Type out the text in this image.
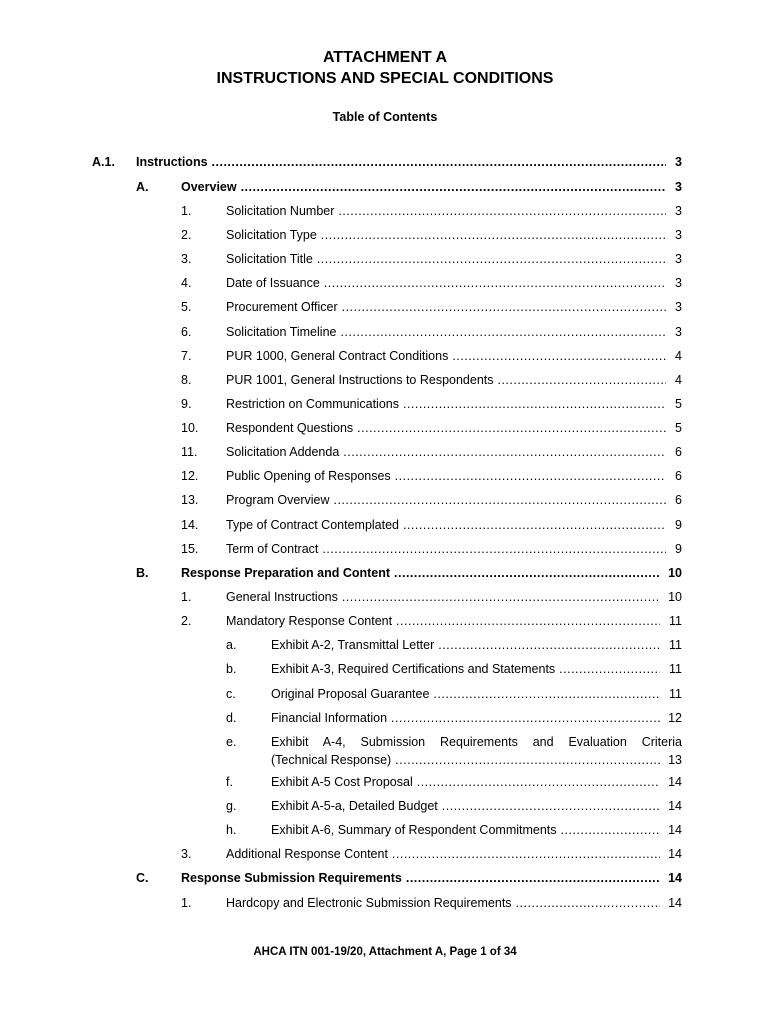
ATTACHMENT A
INSTRUCTIONS AND SPECIAL CONDITIONS
Table of Contents
A.1. Instructions .....	3
A.	Overview .....	3
1.	Solicitation Number .....	3
2.	Solicitation Type .....	3
3.	Solicitation Title .....	3
4.	Date of Issuance .....	3
5.	Procurement Officer .....	3
6.	Solicitation Timeline .....	3
7.	PUR 1000, General Contract Conditions .....	4
8.	PUR 1001, General Instructions to Respondents .....	4
9.	Restriction on Communications .....	5
10. Respondent Questions .....	5
11. Solicitation Addenda .....	6
12. Public Opening of Responses .....	6
13. Program Overview .....	6
14. Type of Contract Contemplated .....	9
15. Term of Contract .....	9
B.	Response Preparation and Content .....	10
1.	General Instructions .....	10
2.	Mandatory Response Content .....	11
a.	Exhibit A-2, Transmittal Letter .....	11
b.	Exhibit A-3, Required Certifications and Statements .....	11
c.	Original Proposal Guarantee .....	11
d.	Financial Information .....	12
e.	Exhibit A-4, Submission Requirements and Evaluation Criteria
(Technical Response) .....	13
f.	Exhibit A-5 Cost Proposal .....	14
g.	Exhibit A-5-a, Detailed Budget .....	14
h.	Exhibit A-6, Summary of Respondent Commitments .....	14
3.	Additional Response Content .....	14
C.	Response Submission Requirements .....	14
1.	Hardcopy and Electronic Submission Requirements .....	14
AHCA ITN 001-19/20, Attachment A, Page 1 of 34
